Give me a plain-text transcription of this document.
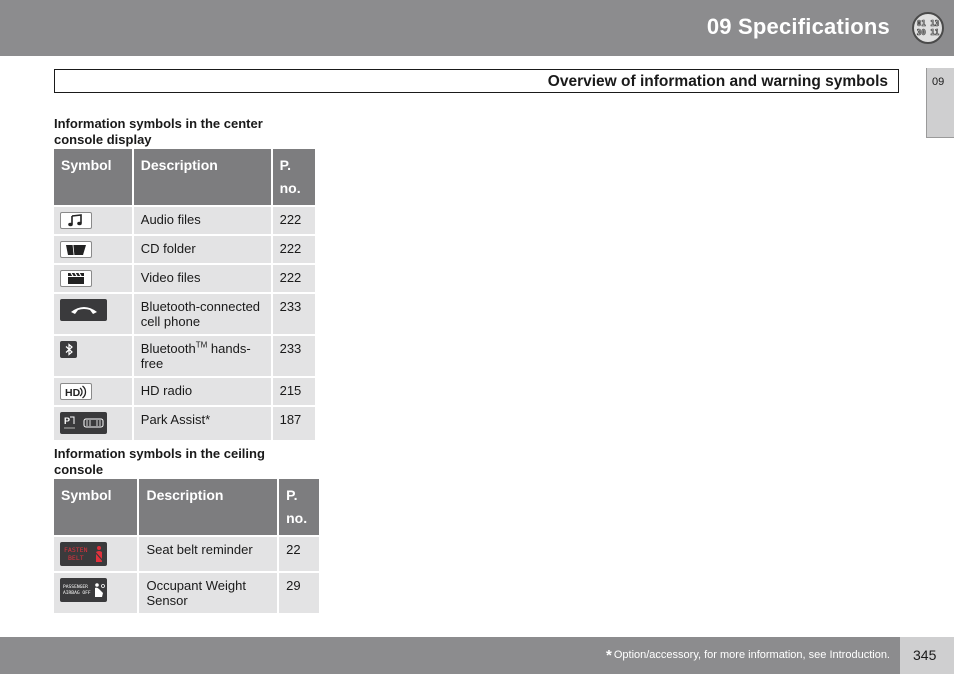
09 Specifications	01 13
30 11
Overview of information and warning symbols	09
Information symbols in the center console display
Symbol	Description	P. no.

	Audio files	222

	CD folder	222

	Video files	222

	Bluetooth-connected cell phone	233

	Bluetooth™ hands-free	233

HD	HD radio	215

P	Park Assist*	187
Information symbols in the ceiling console
Symbol	Description	P. no.

FASTEN
BELT	Seat belt reminder	22

PASSENGER
AIRBAG OFF	Occupant Weight Sensor	29
* Option/accessory, for more information, see Introduction. 345
